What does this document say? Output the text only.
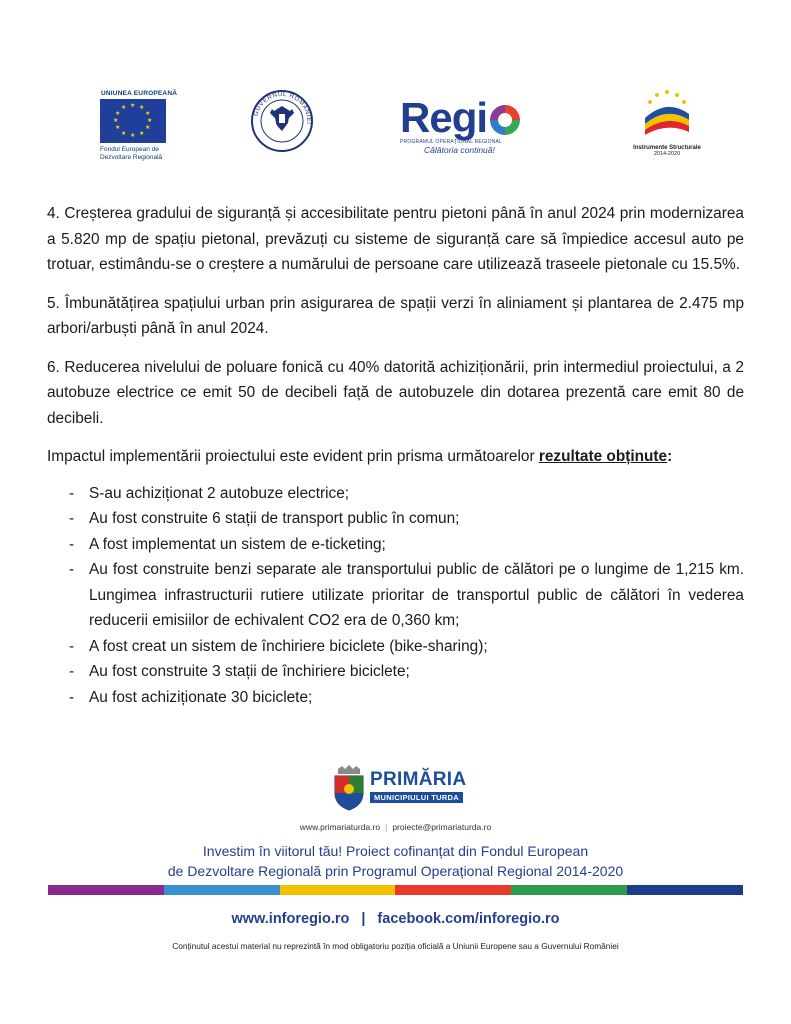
UNIUNEA EUROPEANĂ
★ ★
★
★
★
★
★
★
★
★
★
★
Fondul European de
Dezvoltare Regională
GUVERNUL ROMÂNIEI Regi
PROGRAMUL OPERAȚIONAL REGIONAL
Călătoria continuă!	Instrumente Structurale
2014-2020

4. Creșterea gradului de siguranță și accesibilitate pentru pietoni până în anul 2024 prin modernizarea a 5.820 mp de spațiu pietonal, prevăzuți cu sisteme de siguranță care să împiedice accesul auto pe trotuar, estimându-se o creștere a numărului de persoane care utilizează traseele pietonale cu 15.5%.

5. Îmbunătățirea spațiului urban prin asigurarea de spații verzi în aliniament și plantarea de 2.475 mp arbori/arbuști până în anul 2024.

6. Reducerea nivelului de poluare fonică cu 40% datorită achiziționării, prin intermediul proiectului, a 2 autobuze electrice ce emit 50 de decibeli față de autobuzele din dotarea prezentă care emit 80 de decibeli.

Impactul implementării proiectului este evident prin prisma următoarelor rezultate obținute:

- S-au achiziționat 2 autobuze electrice;
- Au fost construite 6 stații de transport public în comun;
- A fost implementat un sistem de e-ticketing;
- Au fost construite benzi separate ale transportului public de călători pe o lungime de 1,215 km. Lungimea infrastructurii rutiere utilizate prioritar de transportul public de călători în vederea reducerii emisiilor de echivalent CO2 era de 0,360 km;
- A fost creat un sistem de închiriere biciclete (bike-sharing);
- Au fost construite 3 stații de închiriere biciclete;
- Au fost achiziționate 30 biciclete;
PRIMĂRIA
MUNICIPIULUI TURDA
www.primariaturda.ro | proiecte@primariaturda.ro
Investim în viitorul tău! Proiect cofinanțat din Fondul European
de Dezvoltare Regională prin Programul Operațional Regional 2014-2020
www.inforegio.ro | facebook.com/inforegio.ro
Conținutul acestui material nu reprezintă în mod obligatoriu poziția oficială a Uniunii Europene sau a Guvernului României
